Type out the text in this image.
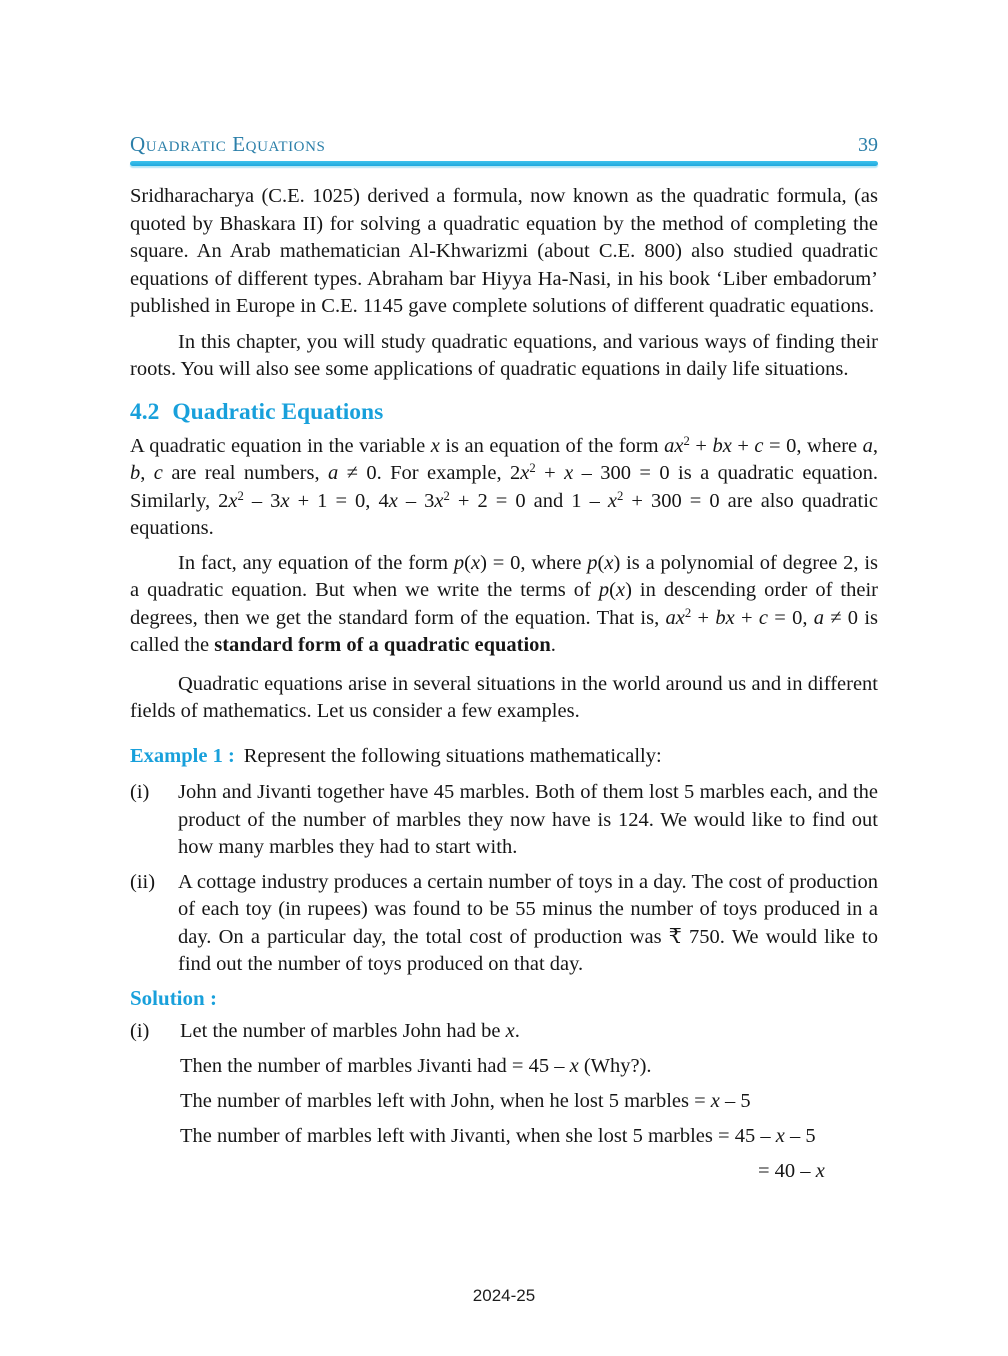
Quadratic Equations	39

Sridharacharya (C.E. 1025) derived a formula, now known as the quadratic formula, (as quoted by Bhaskara II) for solving a quadratic equation by the method of completing the square. An Arab mathematician Al-Khwarizmi (about C.E. 800) also studied quadratic equations of different types. Abraham bar Hiyya Ha-Nasi, in his book ‘Liber embadorum’ published in Europe in C.E. 1145 gave complete solutions of different quadratic equations.

In this chapter, you will study quadratic equations, and various ways of finding their roots. You will also see some applications of quadratic equations in daily life situations.

4.2 Quadratic Equations

A quadratic equation in the variable x is an equation of the form $ax^2$ + bx + c = 0, where a, b, c are real numbers, a ≠ 0. For example, $2x^2 + x - 300 = 0$ is a quadratic equation. Similarly, $2x^2 - 3x + 1 = 0$, $4x - 3x^2 + 2 = 0$ and $1 - x^2 + 300 = 0$ are also quadratic equations.

In fact, any equation of the form p(x) = 0, where p(x) is a polynomial of degree 2, is a quadratic equation. But when we write the terms of p(x) in descending order of their degrees, then we get the standard form of the equation. That is, $ax^2$ + bx + c = 0, a ≠ 0 is called the standard form of a quadratic equation.

Quadratic equations arise in several situations in the world around us and in different fields of mathematics. Let us consider a few examples.

Example 1 : Represent the following situations mathematically:

(i)	John and Jivanti together have 45 marbles. Both of them lost 5 marbles each, and the product of the number of marbles they now have is 124. We would like to find out how many marbles they had to start with.
(ii)	A cottage industry produces a certain number of toys in a day. The cost of production of each toy (in rupees) was found to be 55 minus the number of toys produced in a day. On a particular day, the total cost of production was ₹ 750. We would like to find out the number of toys produced on that day.

Solution :

(i) Let the number of marbles John had be x.

Then the number of marbles Jivanti had = 45 – x (Why?).

The number of marbles left with John, when he lost 5 marbles = x – 5

The number of marbles left with Jivanti, when she lost 5 marbles = 45 – x – 5

= 40 – x

2024-25
